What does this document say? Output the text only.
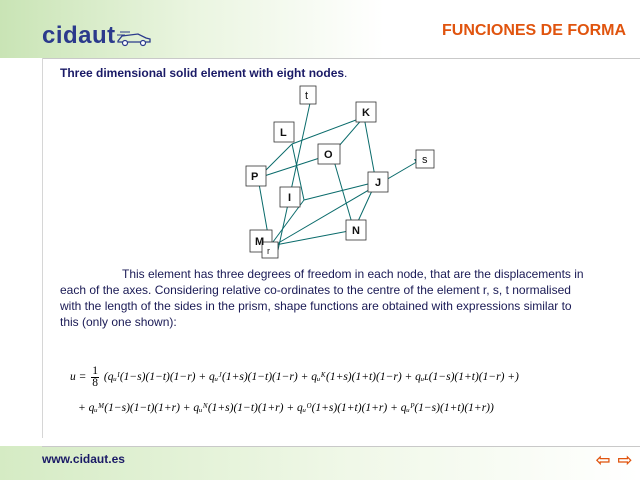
cidaut	FUNCIONES DE FORMA
Three dimensional solid element with eight nodes.
K
L
O
P	J
I
N
M
t
s
r
This element has three degrees of freedom in each node, that are the displacements in each of the axes. Considering relative co-ordinates to the centre of the element r, s, t normalised with the length of the sides in the prism, shape functions are obtained with expressions similar to this (only one shown):
$u = \frac{1}{8}$ (qᵤᴵ(1−s)(1−t)(1−r) + qᵤᴶ(1+s)(1−t)(1−r) + qᵤᴷ(1+s)(1+t)(1−r) + qᵤʟ(1−s)(1+t)(1−r) +)
+ qᵤᴹ(1−s)(1−t)(1+r) + qᵤᴺ(1+s)(1−t)(1+r) + qᵤᴼ(1+s)(1+t)(1+r) + qᵤᴾ(1−s)(1+t)(1+r))
www.cidaut.es	⇦ ⇨
